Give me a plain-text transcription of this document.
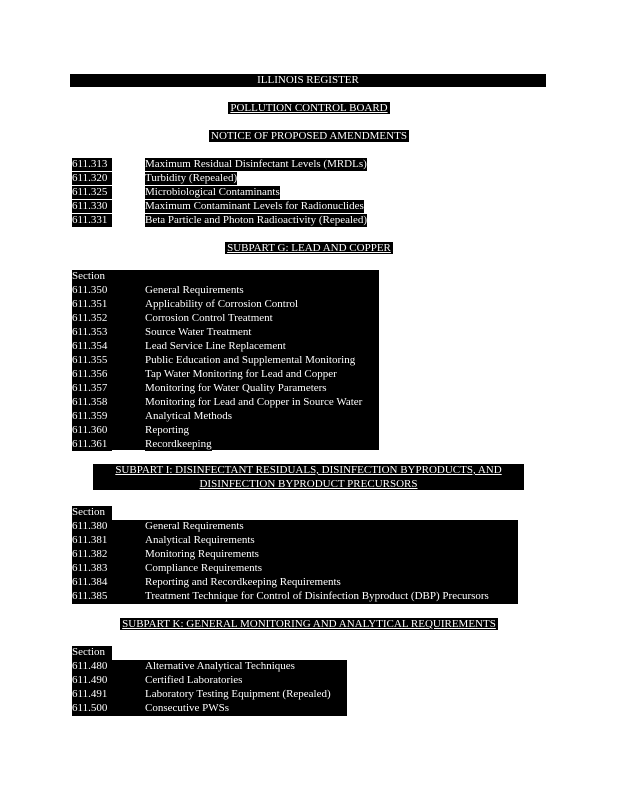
ILLINOIS REGISTER
POLLUTION CONTROL BOARD
NOTICE OF PROPOSED AMENDMENTS
611.313	Maximum Residual Disinfectant Levels (MRDLs)
611.320	Turbidity (Repealed)
611.325	Microbiological Contaminants
611.330	Maximum Contaminant Levels for Radionuclides
611.331	Beta Particle and Photon Radioactivity (Repealed)
SUBPART G: LEAD AND COPPER
Section
611.350	General Requirements
611.351	Applicability of Corrosion Control
611.352	Corrosion Control Treatment
611.353	Source Water Treatment
611.354	Lead Service Line Replacement
611.355	Public Education and Supplemental Monitoring
611.356	Tap Water Monitoring for Lead and Copper
611.357	Monitoring for Water Quality Parameters
611.358	Monitoring for Lead and Copper in Source Water
611.359	Analytical Methods
611.360	Reporting
611.361	Recordkeeping
SUBPART I: DISINFECTANT RESIDUALS, DISINFECTION BYPRODUCTS, AND
DISINFECTION BYPRODUCT PRECURSORS
Section
611.380	General Requirements
611.381	Analytical Requirements
611.382	Monitoring Requirements
611.383	Compliance Requirements
611.384	Reporting and Recordkeeping Requirements
611.385	Treatment Technique for Control of Disinfection Byproduct (DBP) Precursors
SUBPART K: GENERAL MONITORING AND ANALYTICAL REQUIREMENTS
Section
611.480	Alternative Analytical Techniques
611.490	Certified Laboratories
611.491	Laboratory Testing Equipment (Repealed)
611.500	Consecutive PWSs
